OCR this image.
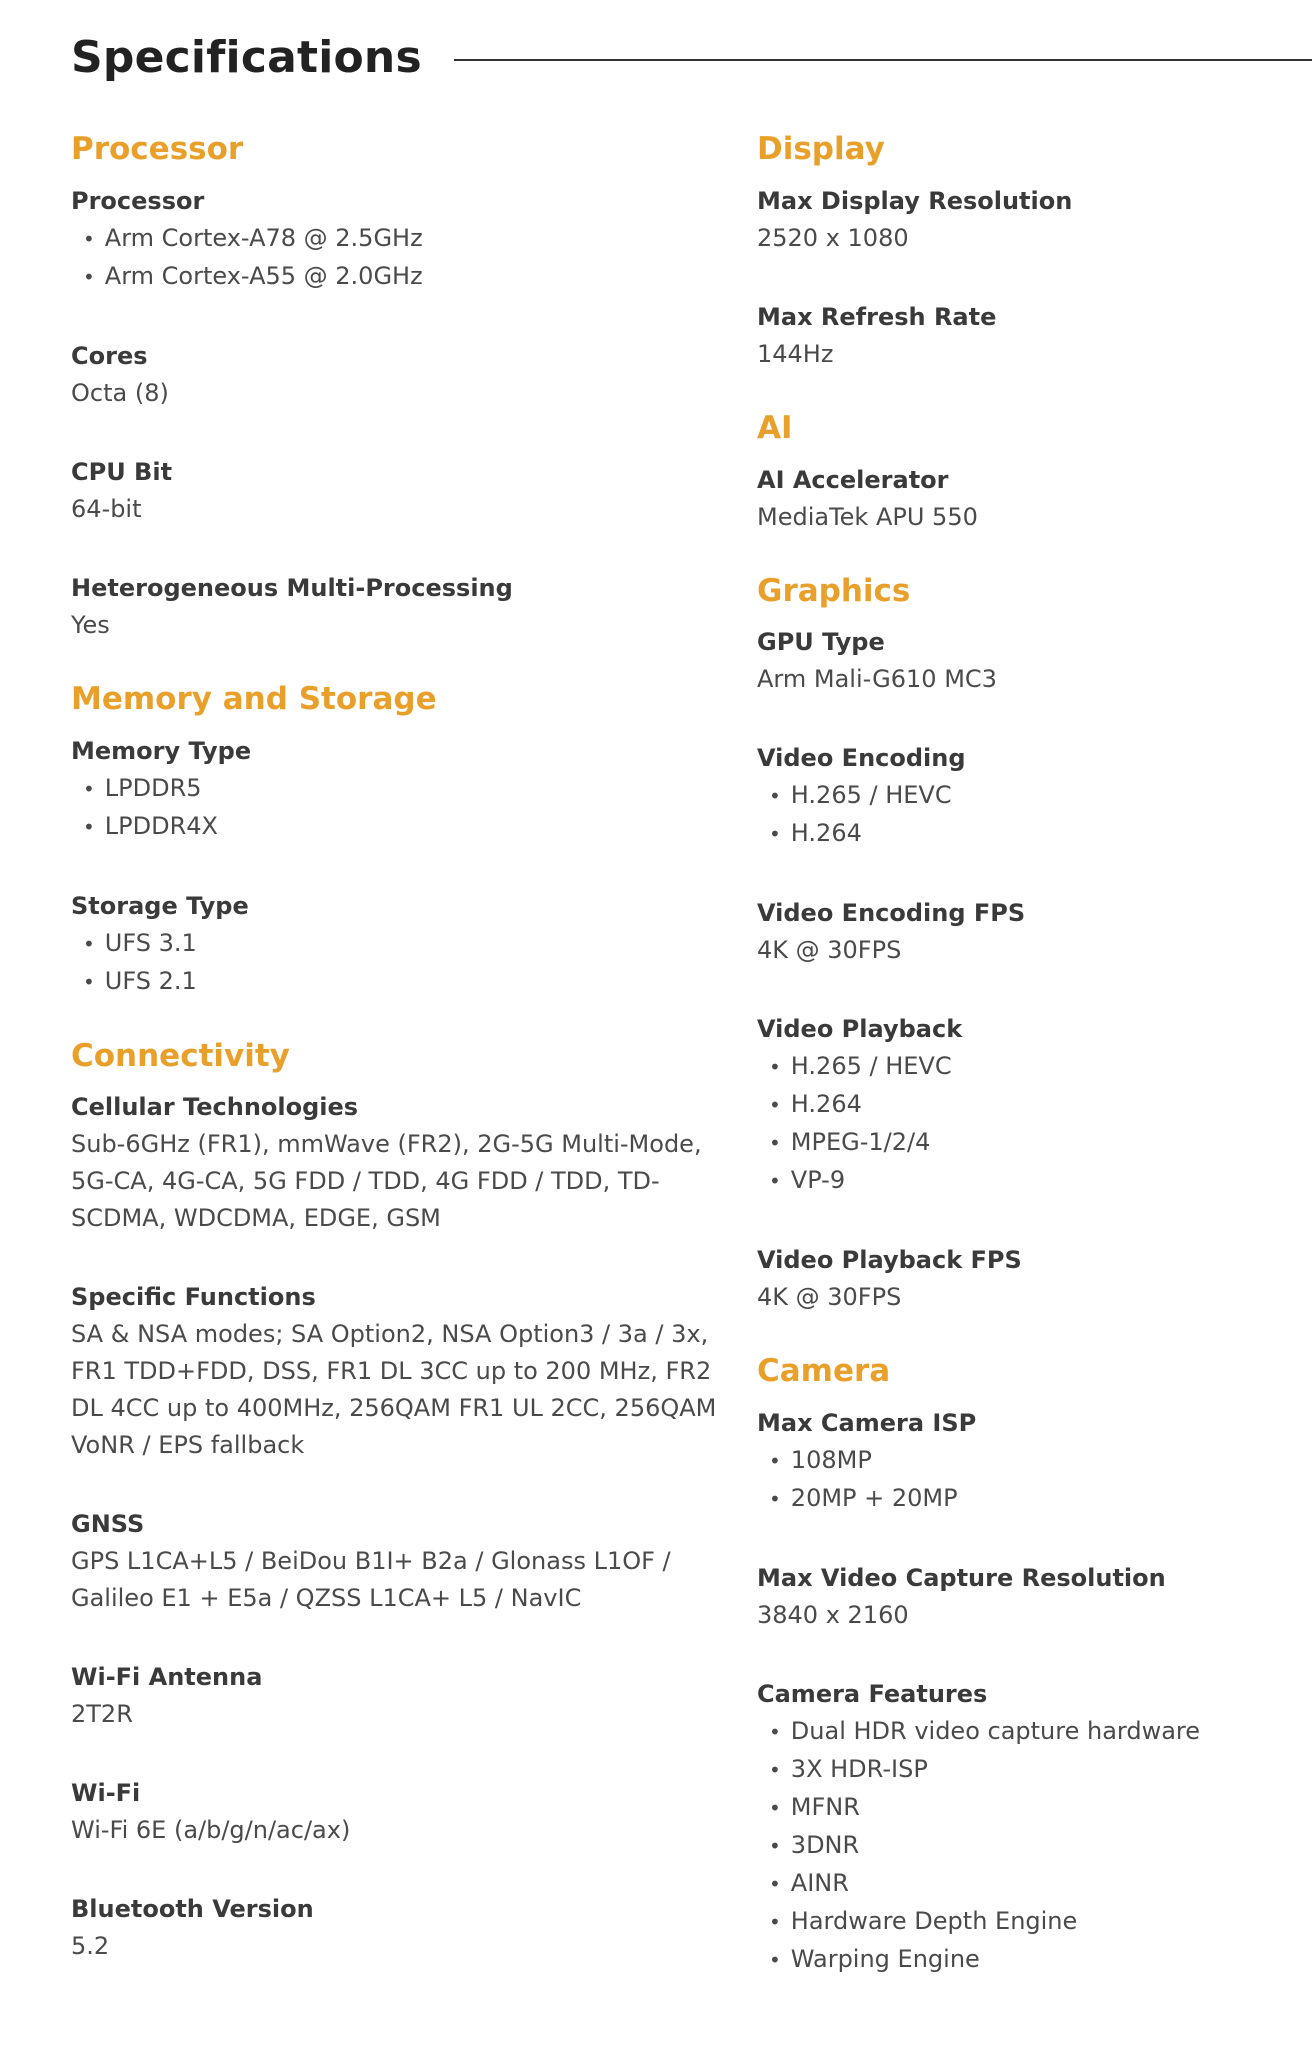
Specifications
Processor
Processor
• Arm Cortex-A78 @ 2.5GHz
• Arm Cortex-A55 @ 2.0GHz
Cores
Octa (8)
CPU Bit
64-bit
Heterogeneous Multi-Processing
Yes
Memory and Storage
Memory Type
• LPDDR5
• LPDDR4X
Storage Type
• UFS 3.1
• UFS 2.1
Connectivity
Cellular Technologies
Sub-6GHz (FR1), mmWave (FR2), 2G-5G Multi-Mode, 5G-CA, 4G-CA, 5G FDD / TDD, 4G FDD / TDD, TD-SCDMA, WDCDMA, EDGE, GSM
Specific Functions
SA & NSA modes; SA Option2, NSA Option3 / 3a / 3x, FR1 TDD+FDD, DSS, FR1 DL 3CC up to 200 MHz, FR2 DL 4CC up to 400MHz, 256QAM FR1 UL 2CC, 256QAM VoNR / EPS fallback
GNSS
GPS L1CA+L5 / BeiDou B1I+ B2a / Glonass L1OF / Galileo E1 + E5a / QZSS L1CA+ L5 / NavIC
Wi-Fi Antenna
2T2R
Wi-Fi
Wi-Fi 6E (a/b/g/n/ac/ax)
Bluetooth Version
5.2
Display
Max Display Resolution
2520 x 1080
Max Refresh Rate
144Hz
AI
AI Accelerator
MediaTek APU 550
Graphics
GPU Type
Arm Mali-G610 MC3
Video Encoding
• H.265 / HEVC
• H.264
Video Encoding FPS
4K @ 30FPS
Video Playback
• H.265 / HEVC
• H.264
• MPEG-1/2/4
• VP-9
Video Playback FPS
4K @ 30FPS
Camera
Max Camera ISP
• 108MP
• 20MP + 20MP
Max Video Capture Resolution
3840 x 2160
Camera Features
• Dual HDR video capture hardware
• 3X HDR-ISP
• MFNR
• 3DNR
• AINR
• Hardware Depth Engine
• Warping Engine
